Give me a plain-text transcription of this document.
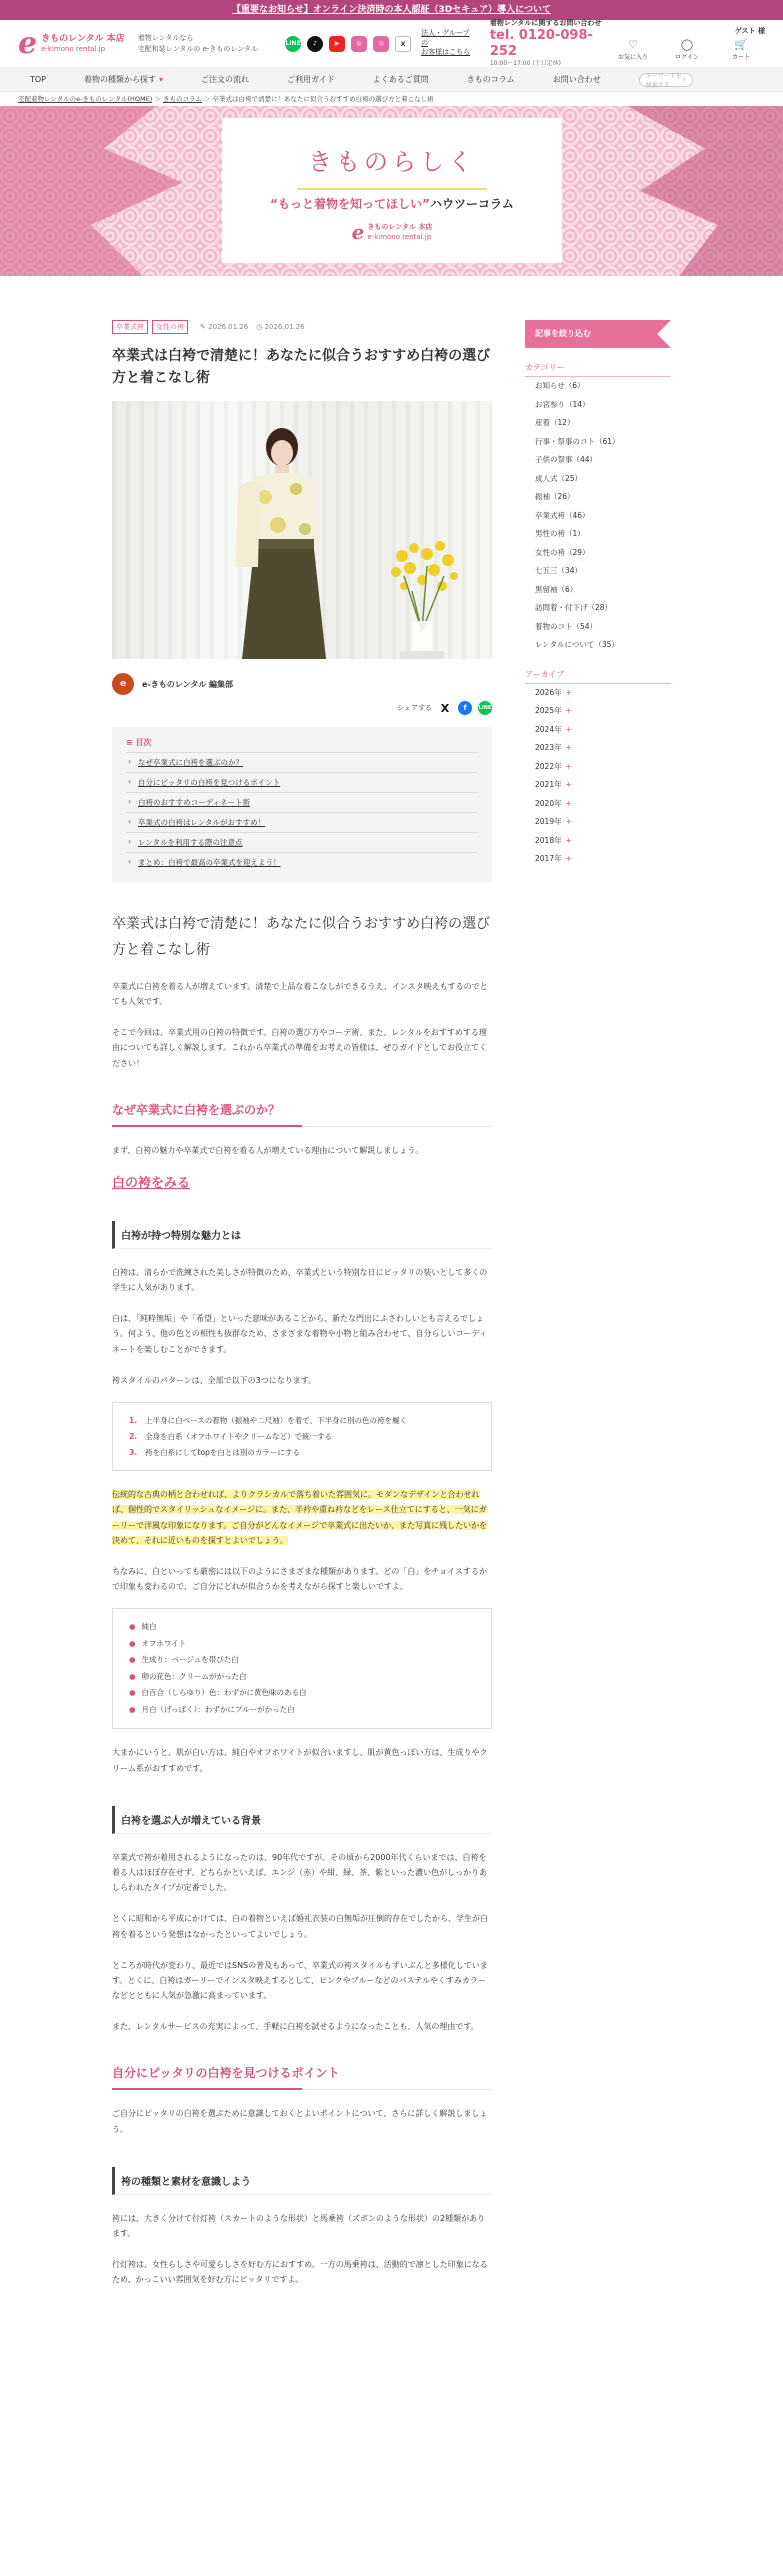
【重要なお知らせ】オンライン決済時の本人認証（3Dセキュア）導入について
e きものレンタル 本店
e-kimono rental.jp
着物レンタルなら
宅配和装レンタルの e-きものレンタル
LINE	♪	▶	◎	◎	X
法人・グループの
お客様はこちら
着物レンタルに関するお問い合わせ
tel. 0120-098-252
10:00〜17:00 (土日定休)
ゲスト 様
♡
お気に入り
◯
ログイン
🛒
カート
TOP	着物の種類から探す ▾	ご注文の流れ	ご利用ガイド	よくあるご質問	きものコラム	お問い合わせ	キーワードを検索する
⌕
宅配着物レンタルのe-きものレンタル(HOME) ＞ きものコラム ＞ 卒業式は白袴で清楚に！あなたに似合うおすすめ白袴の選び方と着こなし術
きものらしく
“もっと着物を知ってほしい”ハウツーコラム
e きものレンタル 本店
e-kimono rental.jp
卒業式袴	女性の袴	✎ 2026.01.26 ◷ 2026.01.26
卒業式は白袴で清楚に！あなたに似合うおすすめ白袴の選び方と着こなし術
e	e-きものレンタル 編集部
シェアする X	f	LINE
≡ 目次
› なぜ卒業式に白袴を選ぶのか？
› 自分にピッタリの白袴を見つけるポイント
› 白袴のおすすめコーディネート術
› 卒業式の白袴はレンタルがおすすめ！
› レンタルを利用する際の注意点
› まとめ：白袴で最高の卒業式を迎えよう！
卒業式は白袴で清楚に！あなたに似合うおすすめ白袴の選び方と着こなし術

卒業式に白袴を着る人が増えています。清楚で上品な着こなしができるうえ、インスタ映えもするのでとても人気です。

そこで今回は、卒業式用の白袴の特徴です。白袴の選び方やコーデ術、また、レンタルをおすすめする理由についても詳しく解説します。これから卒業式の準備をお考えの皆様は、ぜひガイドとしてお役立てください！

なぜ卒業式に白袴を選ぶのか？

まず、白袴の魅力や卒業式で白袴を着る人が増えている理由について解説しましょう。

白の袴をみる
白袴が持つ特別な魅力とは

白袴は、清らかで洗練された美しさが特徴のため、卒業式という特別な日にピッタリの装いとして多くの学生に人気があります。

白は、「純粋無垢」や「希望」といった意味があることから、新たな門出にふさわしいとも言えるでしょう。何よう、他の色との相性も抜群なため、さまざまな着物や小物と組み合わせて、自分らしいコーディネートを楽しむことができます。

袴スタイルのパターンは、全部で以下の3つになります。

1. 上半身に白ベースの着物（振袖や二尺袖）を着て、下半身に別の色の袴を履く
2. 全身を白系（オフホワイトやクリームなど）で統一する
3. 袴を白系にしてtopを白とは別のカラーにする

伝統的な古典の柄と合わせれば、よりクラシカルで落ち着いた雰囲気に。モダンなデザインと合わせれば、個性的でスタイリッシュなイメージに。また、半衿や重ね衿などをレース仕立てにすると、一気にガーリーで洋風な印象になります。ご自分がどんなイメージで卒業式に出たいか、また写真に残したいかを決めて、それに近いものを探すとよいでしょう。

ちなみに、白といっても厳密には以下のようにさまざまな種類があります。どの「白」をチョイスするかで印象も変わるので、ご自分にどれが似合うかを考えながら探すと楽しいですよ。

● 純白
● オフホワイト
● 生成り：ベージュを帯びた白
● 卵の花色：クリームがかった白
● 白百合（しらゆり）色：わずかに黄色味のある白
● 月白（げっぱく）：わずかにブルーがかった白

大まかにいうと、肌が白い方は、純白やオフホワイトが似合いますし、肌が黄色っぽい方は、生成りやクリーム系がおすすめです。

白袴を選ぶ人が増えている背景

卒業式で袴が着用されるようになったのは、90年代ですが、その頃から2000年代くらいまでは、白袴を着る人はほぼ存在せず、どちらかといえば、エンジ（赤）や紺、緑、茶、紫といった濃い色がしっかりあしらわれたタイプが定番でした。

とくに昭和から平成にかけては、白の着物といえば婚礼衣装の白無垢が圧倒的存在でしたから、学生が白袴を着るという発想はなかったといってよいでしょう。

ところが時代が変わり、最近ではSNSの普及もあって、卒業式の袴スタイルもずいぶんと多様化しています。とくに、白袴はガーリーでインスタ映えするとして、ピンクやブルーなどのパステルやくすみカラーなどとともに人気が急激に高まっています。

また、レンタルサービスの充実によって、手軽に白袴を試せるようになったことも、人気の理由です。

自分にピッタリの白袴を見つけるポイント

ご自分にピッタリの白袴を選ぶために意識しておくとよいポイントについて、さらに詳しく解説しましょう。

袴の種類と素材を意識しよう

袴には、大きく分けて行灯袴（スカートのような形状）と馬乗袴（ズボンのような形状）の2種類があります。

行灯袴は、女性らしさや可愛らしさを好む方におすすめ。一方の馬乗袴は、活動的で凛とした印象になるため、かっこいい雰囲気を好む方にピッタリですよ。

記事を絞り込む
カテゴリー
お知らせ（6）
お宮参り（14）
産着（12）
行事・祭事のコト（61）
子供の祭事（44）
成人式（25）
振袖（26）
卒業式袴（46）
男性の袴（1）
女性の袴（29）
七五三（34）
黒留袖（6）
訪問着・付下げ（28）
着物のコト（54）
レンタルについて（35）
アーカイブ
2026年 +
2025年 +
2024年 +
2023年 +
2022年 +
2021年 +
2020年 +
2019年 +
2018年 +
2017年 +
